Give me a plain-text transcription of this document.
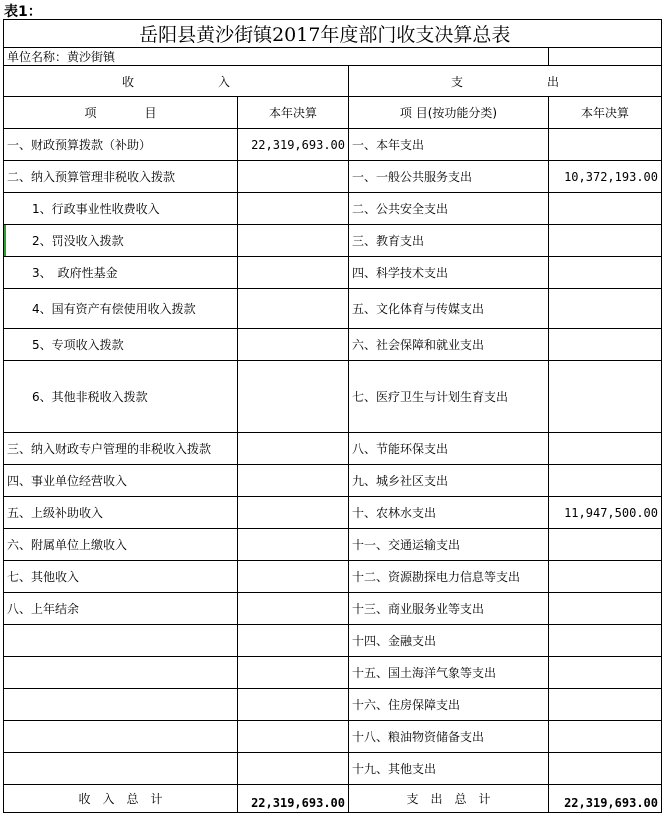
表1：
岳阳县黄沙街镇2017年度部门收支决算总表			
单位名称：黄沙街镇			
收　　　　　　　入		支　　　　　　　出	
项　　　　目	本年决算	项 目(按功能分类)	本年决算
一、财政预算拨款（补助）	22,319,693.00	一、本年支出	
二、纳入预算管理非税收入拨款		一、一般公共服务支出	10,372,193.00
1、行政事业性收费收入		二、公共安全支出	
2、罚没收入拨款		三、教育支出	
3、　政府性基金		四、科学技术支出	
4、国有资产有偿使用收入拨款		五、文化体育与传媒支出	
5、专项收入拨款		六、社会保障和就业支出	
6、其他非税收入拨款		七、医疗卫生与计划生育支出	
三、纳入财政专户管理的非税收入拨款		八、节能环保支出	
四、事业单位经营收入		九、城乡社区支出	
五、上级补助收入		十、农林水支出	11,947,500.00
六、附属单位上缴收入		十一、交通运输支出	
七、其他收入		十二、资源勘探电力信息等支出	
八、上年结余		十三、商业服务业等支出	
		十四、金融支出	
		十五、国土海洋气象等支出	
		十六、住房保障支出	
		十八、粮油物资储备支出	
		十九、其他支出	
收　入　总　计	22,319,693.00	支　出　总　计	22,319,693.00
